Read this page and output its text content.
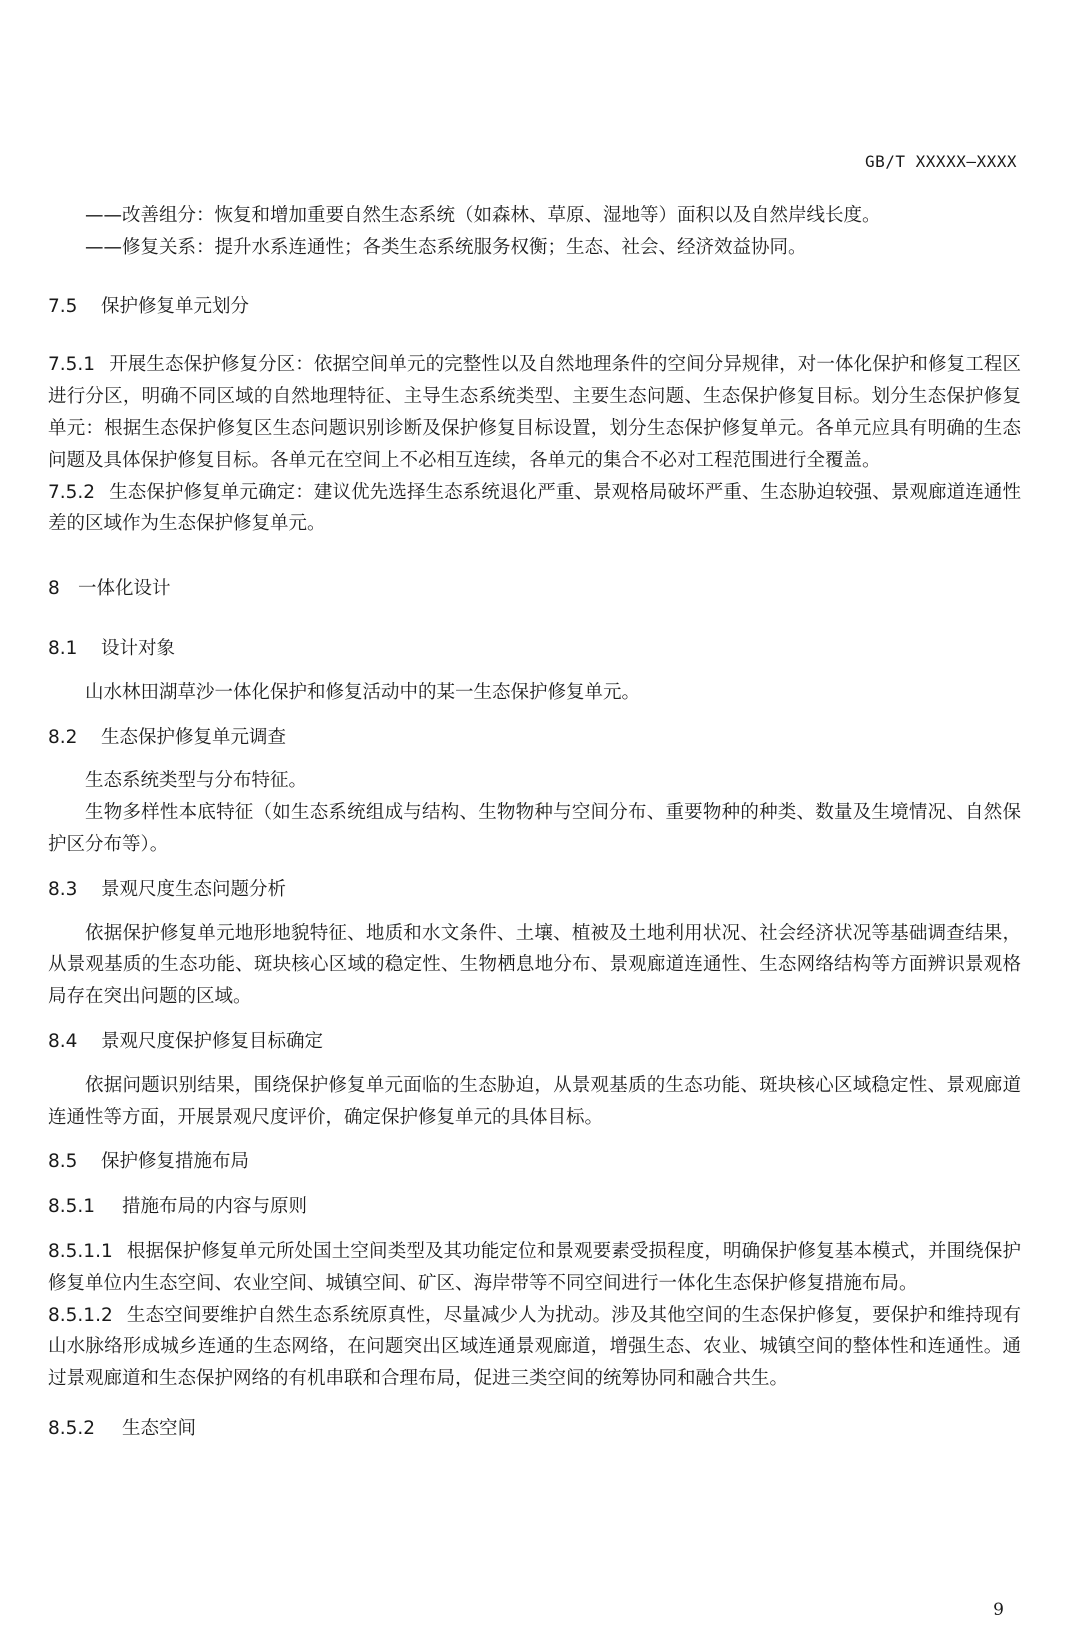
GB/T XXXXX—XXXX

——改善组分：恢复和增加重要自然生态系统（如森林、草原、湿地等）面积以及自然岸线长度。

——修复关系：提升水系连通性；各类生态系统服务权衡；生态、社会、经济效益协同。

7.5 保护修复单元划分

7.5.1 开展生态保护修复分区：依据空间单元的完整性以及自然地理条件的空间分异规律，对一体化保护和修复工程区进行分区，明确不同区域的自然地理特征、主导生态系统类型、主要生态问题、生态保护修复目标。划分生态保护修复单元：根据生态保护修复区生态问题识别诊断及保护修复目标设置，划分生态保护修复单元。各单元应具有明确的生态问题及具体保护修复目标。各单元在空间上不必相互连续，各单元的集合不必对工程范围进行全覆盖。

7.5.2 生态保护修复单元确定：建议优先选择生态系统退化严重、景观格局破坏严重、生态胁迫较强、景观廊道连通性差的区域作为生态保护修复单元。

8 一体化设计
8.1 设计对象

山水林田湖草沙一体化保护和修复活动中的某一生态保护修复单元。

8.2 生态保护修复单元调查

生态系统类型与分布特征。

生物多样性本底特征（如生态系统组成与结构、生物物种与空间分布、重要物种的种类、数量及生境情况、自然保护区分布等）。

8.3 景观尺度生态问题分析

依据保护修复单元地形地貌特征、地质和水文条件、土壤、植被及土地利用状况、社会经济状况等基础调查结果，从景观基质的生态功能、斑块核心区域的稳定性、生物栖息地分布、景观廊道连通性、生态网络结构等方面辨识景观格局存在突出问题的区域。

8.4 景观尺度保护修复目标确定

依据问题识别结果，围绕保护修复单元面临的生态胁迫，从景观基质的生态功能、斑块核心区域稳定性、景观廊道连通性等方面，开展景观尺度评价，确定保护修复单元的具体目标。

8.5 保护修复措施布局
8.5.1 措施布局的内容与原则

8.5.1.1 根据保护修复单元所处国土空间类型及其功能定位和景观要素受损程度，明确保护修复基本模式，并围绕保护修复单位内生态空间、农业空间、城镇空间、矿区、海岸带等不同空间进行一体化生态保护修复措施布局。

8.5.1.2 生态空间要维护自然生态系统原真性，尽量减少人为扰动。涉及其他空间的生态保护修复，要保护和维持现有山水脉络形成城乡连通的生态网络，在问题突出区域连通景观廊道，增强生态、农业、城镇空间的整体性和连通性。通过景观廊道和生态保护网络的有机串联和合理布局，促进三类空间的统筹协同和融合共生。

8.5.2 生态空间
9
